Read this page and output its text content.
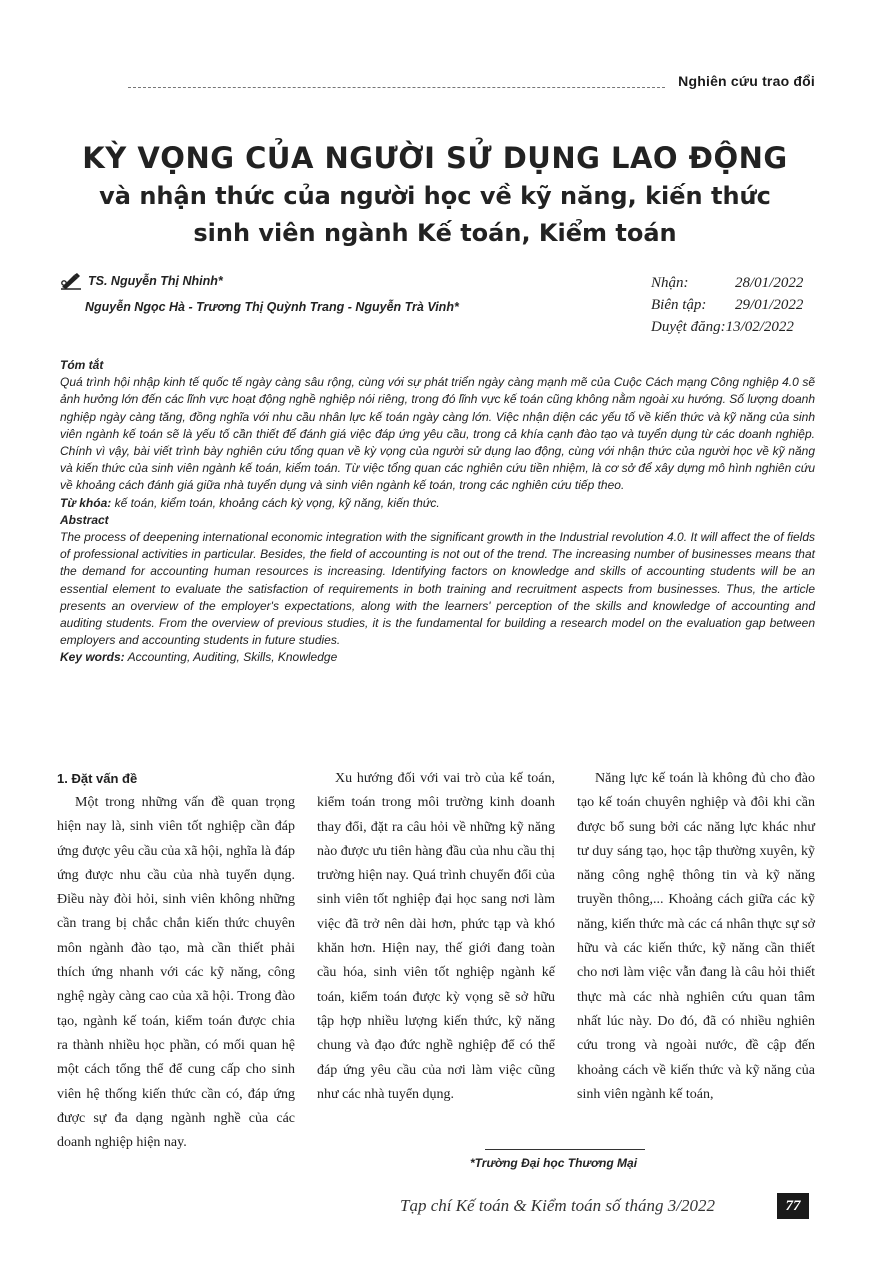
Nghiên cứu trao đổi
KỲ VỌNG CỦA NGƯỜI SỬ DỤNG LAO ĐỘNG
và nhận thức của người học về kỹ năng, kiến thức
sinh viên ngành Kế toán, Kiểm toán
TS. Nguyễn Thị Nhinh*
Nguyễn Ngọc Hà - Trương Thị Quỳnh Trang - Nguyễn Trà Vinh*
Nhận:	28/01/2022
Biên tập:	29/01/2022
Duyệt đăng: 13/02/2022

Tóm tắt

Quá trình hội nhập kinh tế quốc tế ngày càng sâu rộng, cùng với sự phát triển ngày càng mạnh mẽ của Cuộc Cách mạng Công nghiệp 4.0 sẽ ảnh hưởng lớn đến các lĩnh vực hoạt động nghề nghiệp nói riêng, trong đó lĩnh vực kế toán cũng không nằm ngoài xu hướng. Số lượng doanh nghiệp ngày càng tăng, đồng nghĩa với nhu cầu nhân lực kế toán ngày càng lớn. Việc nhận diện các yếu tố về kiến thức và kỹ năng của sinh viên ngành kế toán sẽ là yếu tố cần thiết để đánh giá việc đáp ứng yêu cầu, trong cả khía cạnh đào tạo và tuyển dụng từ các doanh nghiệp. Chính vì vậy, bài viết trình bày nghiên cứu tổng quan về kỳ vọng của người sử dụng lao động, cùng với nhận thức của người học về kỹ năng và kiến thức của sinh viên ngành kế toán, kiểm toán. Từ việc tổng quan các nghiên cứu tiền nhiệm, là cơ sở để xây dựng mô hình nghiên cứu về khoảng cách đánh giá giữa nhà tuyển dụng và sinh viên ngành kế toán, trong các nghiên cứu tiếp theo.

Từ khóa: kế toán, kiểm toán, khoảng cách kỳ vọng, kỹ năng, kiến thức.

Abstract

The process of deepening international economic integration with the significant growth in the Industrial revolution 4.0. It will affect the of fields of professional activities in particular. Besides, the field of accounting is not out of the trend. The increasing number of businesses means that the demand for accounting human resources is increasing. Identifying factors on knowledge and skills of accounting students will be an essential element to evaluate the satisfaction of requirements in both training and recruitment aspects from businesses. Thus, the article presents an overview of the employer's expectations, along with the learners' perception of the skills and knowledge of accounting and auditing students. From the overview of previous studies, it is the fundamental for building a research model on the evaluation gap between employers and accounting students in future studies.

Key words: Accounting, Auditing, Skills, Knowledge

1. Đặt vấn đề

Một trong những vấn đề quan trọng hiện nay là, sinh viên tốt nghiệp cần đáp ứng được yêu cầu của xã hội, nghĩa là đáp ứng được nhu cầu của nhà tuyển dụng. Điều này đòi hỏi, sinh viên không những cần trang bị chắc chắn kiến thức chuyên môn ngành đào tạo, mà cần thiết phải thích ứng nhanh với các kỹ năng, công nghệ ngày càng cao của xã hội. Trong đào tạo, ngành kế toán, kiểm toán được chia ra thành nhiều học phần, có mối quan hệ một cách tổng thể để cung cấp cho sinh viên hệ thống kiến thức cần có, đáp ứng được sự đa dạng ngành nghề của các doanh nghiệp hiện nay.

Xu hướng đối với vai trò của kế toán, kiểm toán trong môi trường kinh doanh thay đổi, đặt ra câu hỏi về những kỹ năng nào được ưu tiên hàng đầu của nhu cầu thị trường hiện nay. Quá trình chuyển đổi của sinh viên tốt nghiệp đại học sang nơi làm việc đã trở nên dài hơn, phức tạp và khó khăn hơn. Hiện nay, thế giới đang toàn cầu hóa, sinh viên tốt nghiệp ngành kế toán, kiểm toán được kỳ vọng sẽ sở hữu tập hợp nhiều lượng kiến thức, kỹ năng chung và đạo đức nghề nghiệp để có thể đáp ứng yêu cầu của nơi làm việc cũng như các nhà tuyển dụng.

Năng lực kế toán là không đủ cho đào tạo kế toán chuyên nghiệp và đôi khi cần được bổ sung bởi các năng lực khác như tư duy sáng tạo, học tập thường xuyên, kỹ năng công nghệ thông tin và kỹ năng truyền thông,... Khoảng cách giữa các kỹ năng, kiến thức mà các cá nhân thực sự sở hữu và các kiến thức, kỹ năng cần thiết cho nơi làm việc vẫn đang là câu hỏi thiết thực mà các nhà nghiên cứu quan tâm nhất lúc này. Do đó, đã có nhiều nghiên cứu trong và ngoài nước, đề cập đến khoảng cách về kiến thức và kỹ năng của sinh viên ngành kế toán,

*Trường Đại học Thương Mại
Tạp chí Kế toán & Kiểm toán số tháng 3/2022	77
